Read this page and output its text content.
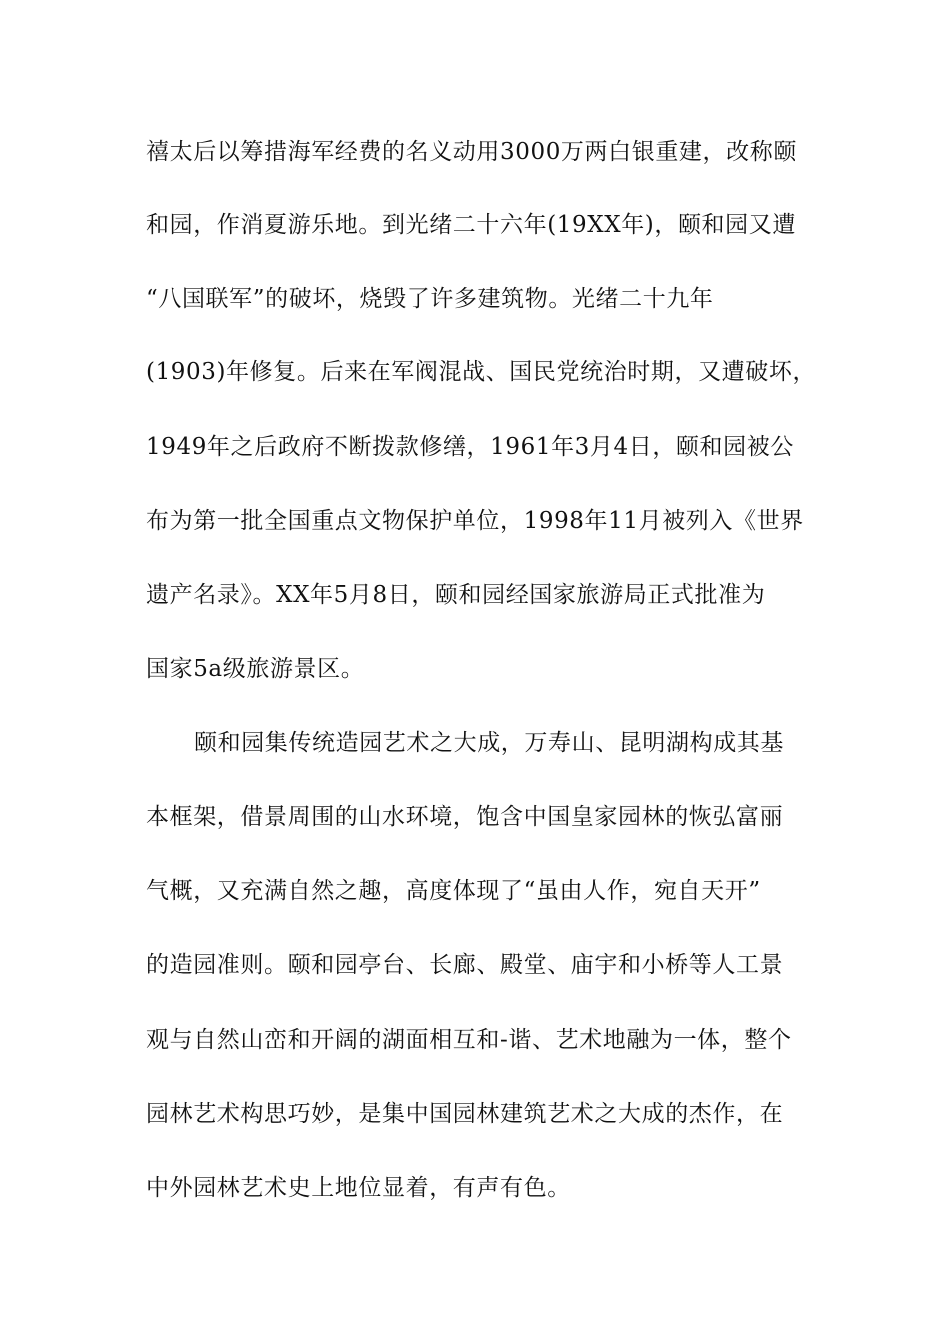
禧太后以筹措海军经费的名义动用3000万两白银重建，改称颐
和园，作消夏游乐地。到光绪二十六年(19XX年)，颐和园又遭
“八国联军”的破坏，烧毁了许多建筑物。光绪二十九年
(1903)年修复。后来在军阀混战、国民党统治时期，又遭破坏，
1949年之后政府不断拨款修缮，1961年3月4日，颐和园被公
布为第一批全国重点文物保护单位，1998年11月被列入《世界
遗产名录》。XX年5月8日，颐和园经国家旅游局正式批准为
国家5a级旅游景区。
颐和园集传统造园艺术之大成，万寿山、昆明湖构成其基
本框架，借景周围的山水环境，饱含中国皇家园林的恢弘富丽
气概，又充满自然之趣，高度体现了“虽由人作，宛自天开”
的造园准则。颐和园亭台、长廊、殿堂、庙宇和小桥等人工景
观与自然山峦和开阔的湖面相互和-谐、艺术地融为一体，整个
园林艺术构思巧妙，是集中国园林建筑艺术之大成的杰作，在
中外园林艺术史上地位显着，有声有色。
